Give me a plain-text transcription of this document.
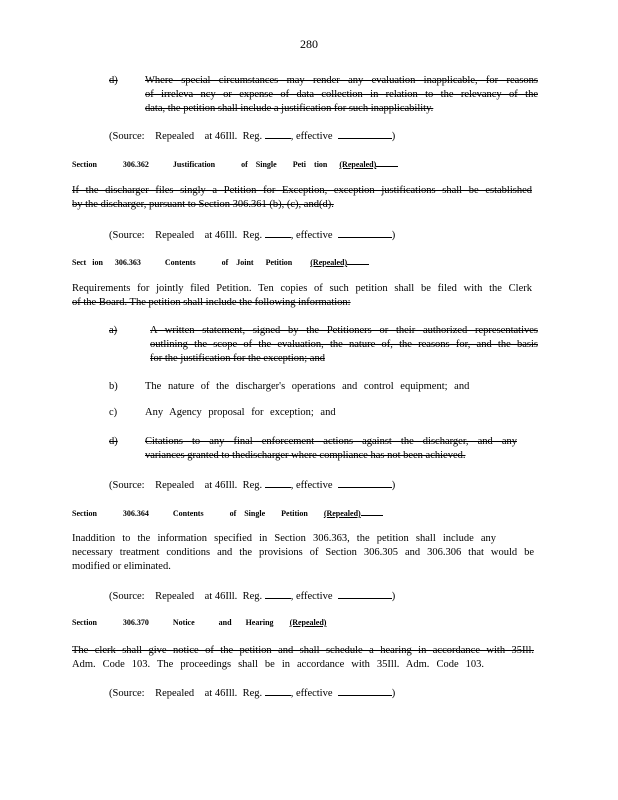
280
d)	Where special circumstances may render any evaluation inapplicable, for reasons
of irreleva ncy or expense of data collection in relation to the relevancy of the
data, the petition shall include a justification for such inapplicability.
(Source: Repealed at 46Ill. Reg.	, effective	)
Section	306.362	Justification	of Single Peti tion (Repealed)
If the discharger files singly a Petition for Exception, exception justifications shall be established
by the discharger, pursuant to Section 306.361 (b), (c), and(d).
(Source: Repealed at 46Ill. Reg.	, effective	)
Sect ion 306.363	Contents	of Joint Petition (Repealed)
Requirements for jointly filed Petition. Ten copies of such petition shall be filed with the Clerk
of the Board. The petition shall include the following information:
a)	A written statement, signed by the Petitioners or their authorized representatives
outlining the scope of the evaluation, the nature of, the reasons for, and the basis
for the justification for the exception; and
b)	The nature of the discharger's operations and control equipment; and
c)	Any Agency proposal for exception; and
d)	Citations to any final enforcement actions against the discharger, and any
variances granted to thedischarger where compliance has not been achieved.
(Source: Repealed at 46Ill. Reg.	, effective	)
Section	306.364	Contents	of Single Petition (Repealed)
Inaddition to the information specified in Section 306.363, the petition shall include any
necessary treatment conditions and the provisions of Section 306.305 and 306.306 that would be
modified or eliminated.
(Source: Repealed at 46Ill. Reg.	, effective	)
Section	306.370	Notice	and Hearing (Repealed)
The clerk shall give notice of the petition and shall schedule a hearing in accordance with 35Ill.
Adm. Code 103. The proceedings shall be in accordance with 35Ill. Adm. Code 103.
(Source: Repealed at 46Ill. Reg.	, effective	)
